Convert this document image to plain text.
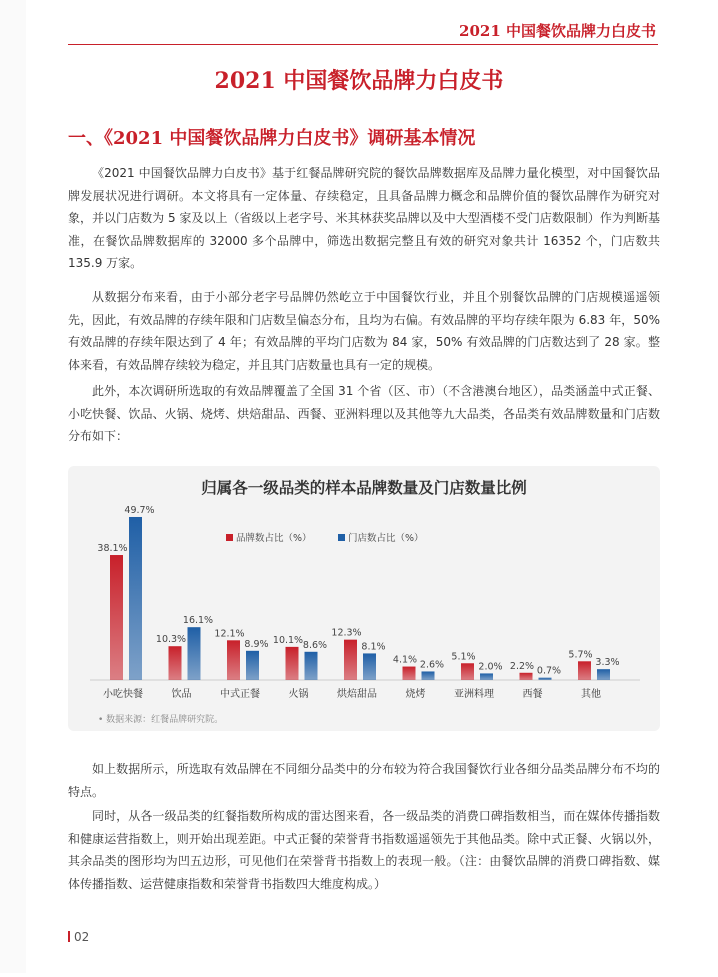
2021 中国餐饮品牌力白皮书
2021 中国餐饮品牌力白皮书
一、《2021 中国餐饮品牌力白皮书》调研基本情况

《2021 中国餐饮品牌力白皮书》基于红餐品牌研究院的餐饮品牌数据库及品牌力量化模型，对中国餐饮品牌发展状况进行调研。本文将具有一定体量、存续稳定，且具备品牌力概念和品牌价值的餐饮品牌作为研究对象，并以门店数为 5 家及以上（省级以上老字号、米其林获奖品牌以及中大型酒楼不受门店数限制）作为判断基准，在餐饮品牌数据库的 32000 多个品牌中，筛选出数据完整且有效的研究对象共计 16352 个，门店数共 135.9 万家。

从数据分布来看，由于小部分老字号品牌仍然屹立于中国餐饮行业，并且个别餐饮品牌的门店规模遥遥领先，因此，有效品牌的存续年限和门店数呈偏态分布，且均为右偏。有效品牌的平均存续年限为 6.83 年，50% 有效品牌的存续年限达到了 4 年；有效品牌的平均门店数为 84 家，50% 有效品牌的门店数达到了 28 家。整体来看，有效品牌存续较为稳定，并且其门店数量也具有一定的规模。

此外，本次调研所选取的有效品牌覆盖了全国 31 个省（区、市）（不含港澳台地区），品类涵盖中式正餐、小吃快餐、饮品、火锅、烧烤、烘焙甜品、西餐、亚洲料理以及其他等九大品类，各品类有效品牌数量和门店数分布如下：

归属各一级品类的样本品牌数量及门店数量比例
品牌数占比（%）	门店数占比（%）
38.1%
49.7%
小吃快餐
10.3%
16.1%
饮品
12.1%
8.9%
中式正餐
10.1% 8.6%
火锅
12.3%
8.1%
烘焙甜品
4.1% 2.6%
烧烤
5.1%
2.0%
亚洲料理
2.2% 0.7%
西餐
5.7%
3.3%
其他
• 数据来源：红餐品牌研究院。

如上数据所示，所选取有效品牌在不同细分品类中的分布较为符合我国餐饮行业各细分品类品牌分布不均的特点。

同时，从各一级品类的红餐指数所构成的雷达图来看，各一级品类的消费口碑指数相当，而在媒体传播指数和健康运营指数上，则开始出现差距。中式正餐的荣誉背书指数遥遥领先于其他品类。除中式正餐、火锅以外，其余品类的图形均为凹五边形，可见他们在荣誉背书指数上的表现一般。（注：由餐饮品牌的消费口碑指数、媒体传播指数、运营健康指数和荣誉背书指数四大维度构成。）

02
